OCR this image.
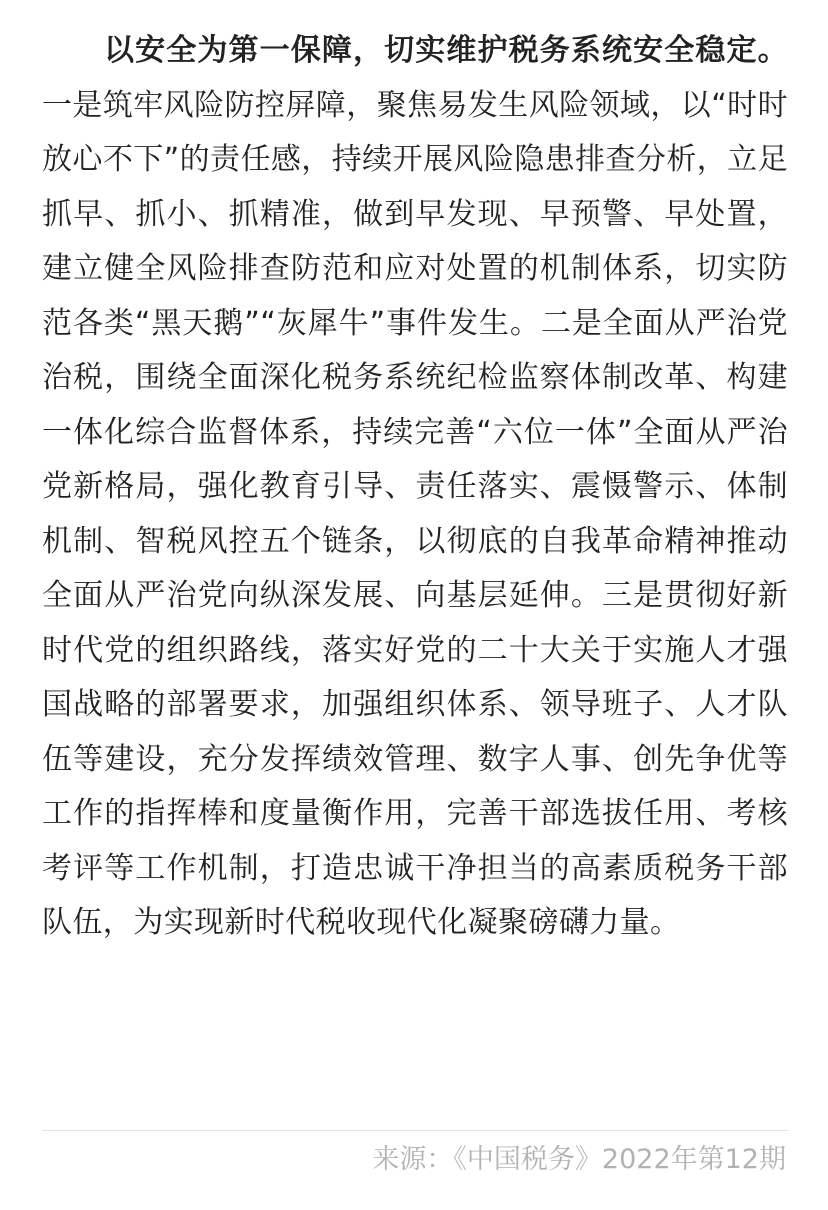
以安全为第一保障，切实维护税务系统安全稳定。一是筑牢风险防控屏障，聚焦易发生风险领域，以“时时放心不下”的责任感，持续开展风险隐患排查分析，立足抓早、抓小、抓精准，做到早发现、早预警、早处置，建立健全风险排查防范和应对处置的机制体系，切实防范各类“黑天鹅”“灰犀牛”事件发生。二是全面从严治党治税，围绕全面深化税务系统纪检监察体制改革、构建一体化综合监督体系，持续完善“六位一体”全面从严治党新格局，强化教育引导、责任落实、震慑警示、体制机制、智税风控五个链条，以彻底的自我革命精神推动全面从严治党向纵深发展、向基层延伸。三是贯彻好新时代党的组织路线，落实好党的二十大关于实施人才强国战略的部署要求，加强组织体系、领导班子、人才队伍等建设，充分发挥绩效管理、数字人事、创先争优等工作的指挥棒和度量衡作用，完善干部选拔任用、考核考评等工作机制，打造忠诚干净担当的高素质税务干部队伍，为实现新时代税收现代化凝聚磅礴力量。

来源：《中国税务》2022年第12期
